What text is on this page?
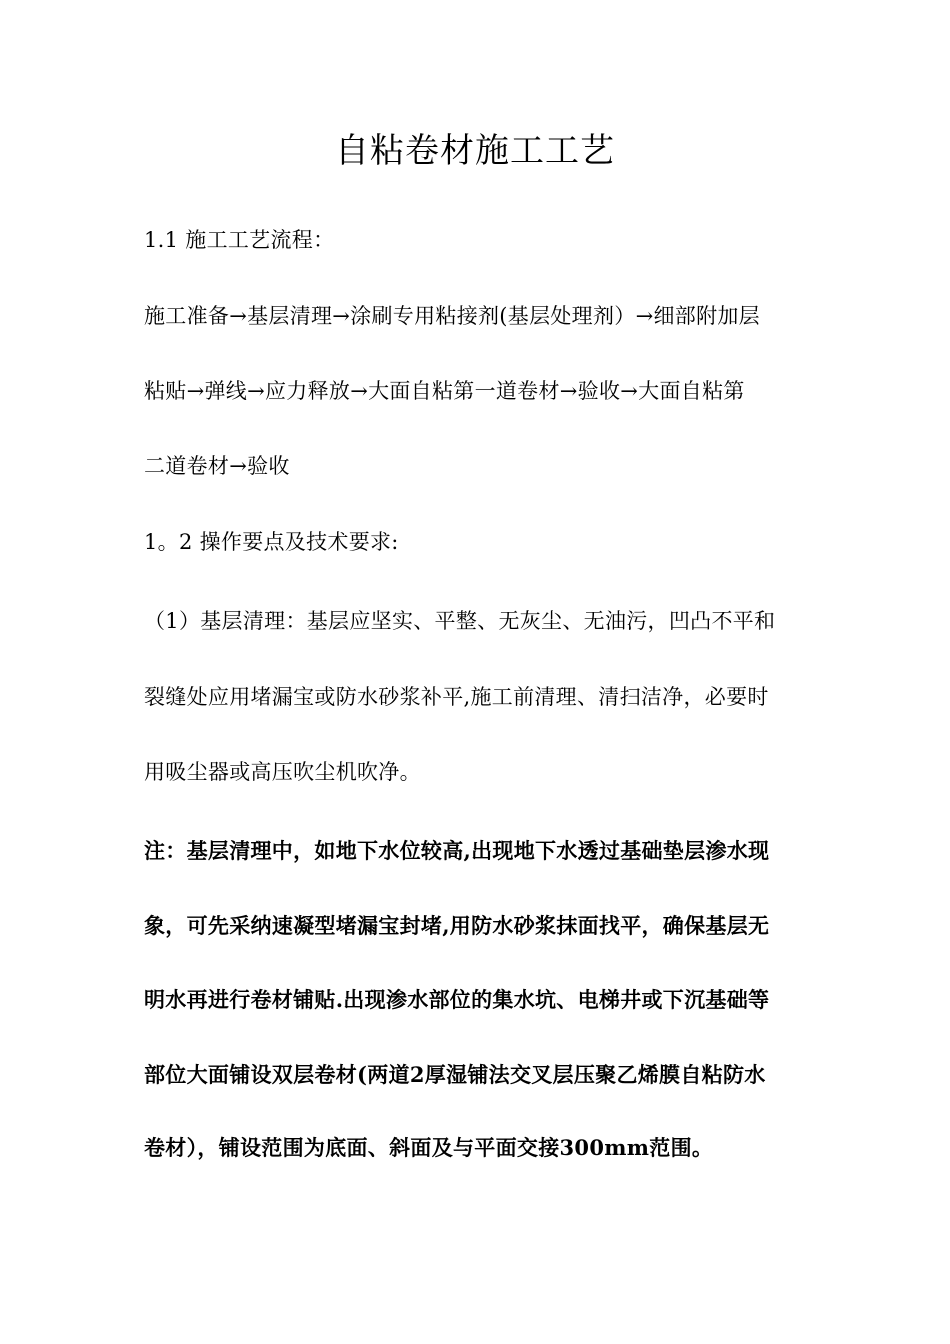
自粘卷材施工工艺
1.1 施工工艺流程：
施工准备→基层清理→涂刷专用粘接剂(基层处理剂）→细部附加层
粘贴→弹线→应力释放→大面自粘第一道卷材→验收→大面自粘第
二道卷材→验收
1。2 操作要点及技术要求:
（1）基层清理：基层应坚实、平整、无灰尘、无油污，凹凸不平和
裂缝处应用堵漏宝或防水砂浆补平,施工前清理、清扫洁净，必要时
用吸尘器或高压吹尘机吹净。
注：基层清理中，如地下水位较高,出现地下水透过基础垫层渗水现
象，可先采纳速凝型堵漏宝封堵,用防水砂浆抹面找平，确保基层无
明水再进行卷材铺贴.出现渗水部位的集水坑、电梯井或下沉基础等
部位大面铺设双层卷材(两道2厚湿铺法交叉层压聚乙烯膜自粘防水
卷材），铺设范围为底面、斜面及与平面交接300mm范围。
